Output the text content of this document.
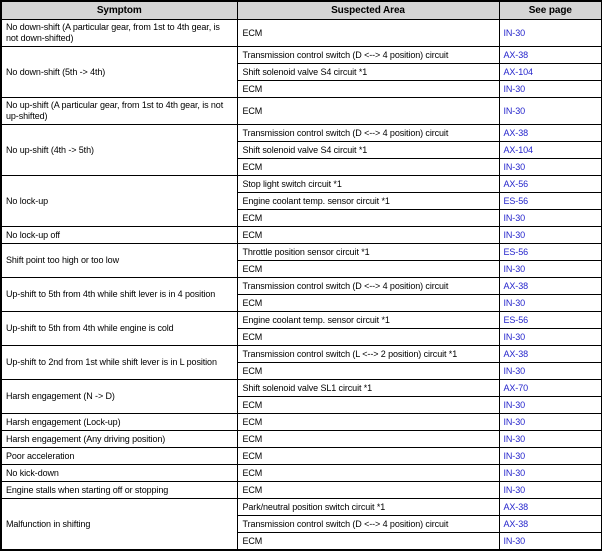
Symptom	Suspected Area	See page
No down-shift (A particular gear, from 1st to 4th gear, is not down-shifted)	ECM	IN-30
No down-shift (5th -> 4th)	Transmission control switch (D <--> 4 position) circuit	AX-38
	Shift solenoid valve S4 circuit *1	AX-104
	ECM	IN-30
No up-shift (A particular gear, from 1st to 4th gear, is not up-shifted)	ECM	IN-30
No up-shift (4th -> 5th)	Transmission control switch (D <--> 4 position) circuit	AX-38
	Shift solenoid valve S4 circuit *1	AX-104
	ECM	IN-30
No lock-up	Stop light switch circuit *1	AX-56
	Engine coolant temp. sensor circuit *1	ES-56
	ECM	IN-30
No lock-up off	ECM	IN-30
Shift point too high or too low	Throttle position sensor circuit *1	ES-56
	ECM	IN-30
Up-shift to 5th from 4th while shift lever is in 4 position	Transmission control switch (D <--> 4 position) circuit	AX-38
	ECM	IN-30
Up-shift to 5th from 4th while engine is cold	Engine coolant temp. sensor circuit *1	ES-56
	ECM	IN-30
Up-shift to 2nd from 1st while shift lever is in L position	Transmission control switch (L <--> 2 position) circuit *1	AX-38
	ECM	IN-30
Harsh engagement (N -> D)	Shift solenoid valve SL1 circuit *1	AX-70
	ECM	IN-30
Harsh engagement (Lock-up)	ECM	IN-30
Harsh engagement (Any driving position)	ECM	IN-30
Poor acceleration	ECM	IN-30
No kick-down	ECM	IN-30
Engine stalls when starting off or stopping	ECM	IN-30
Malfunction in shifting	Park/neutral position switch circuit *1	AX-38
	Transmission control switch (D <--> 4 position) circuit	AX-38
	ECM	IN-30
